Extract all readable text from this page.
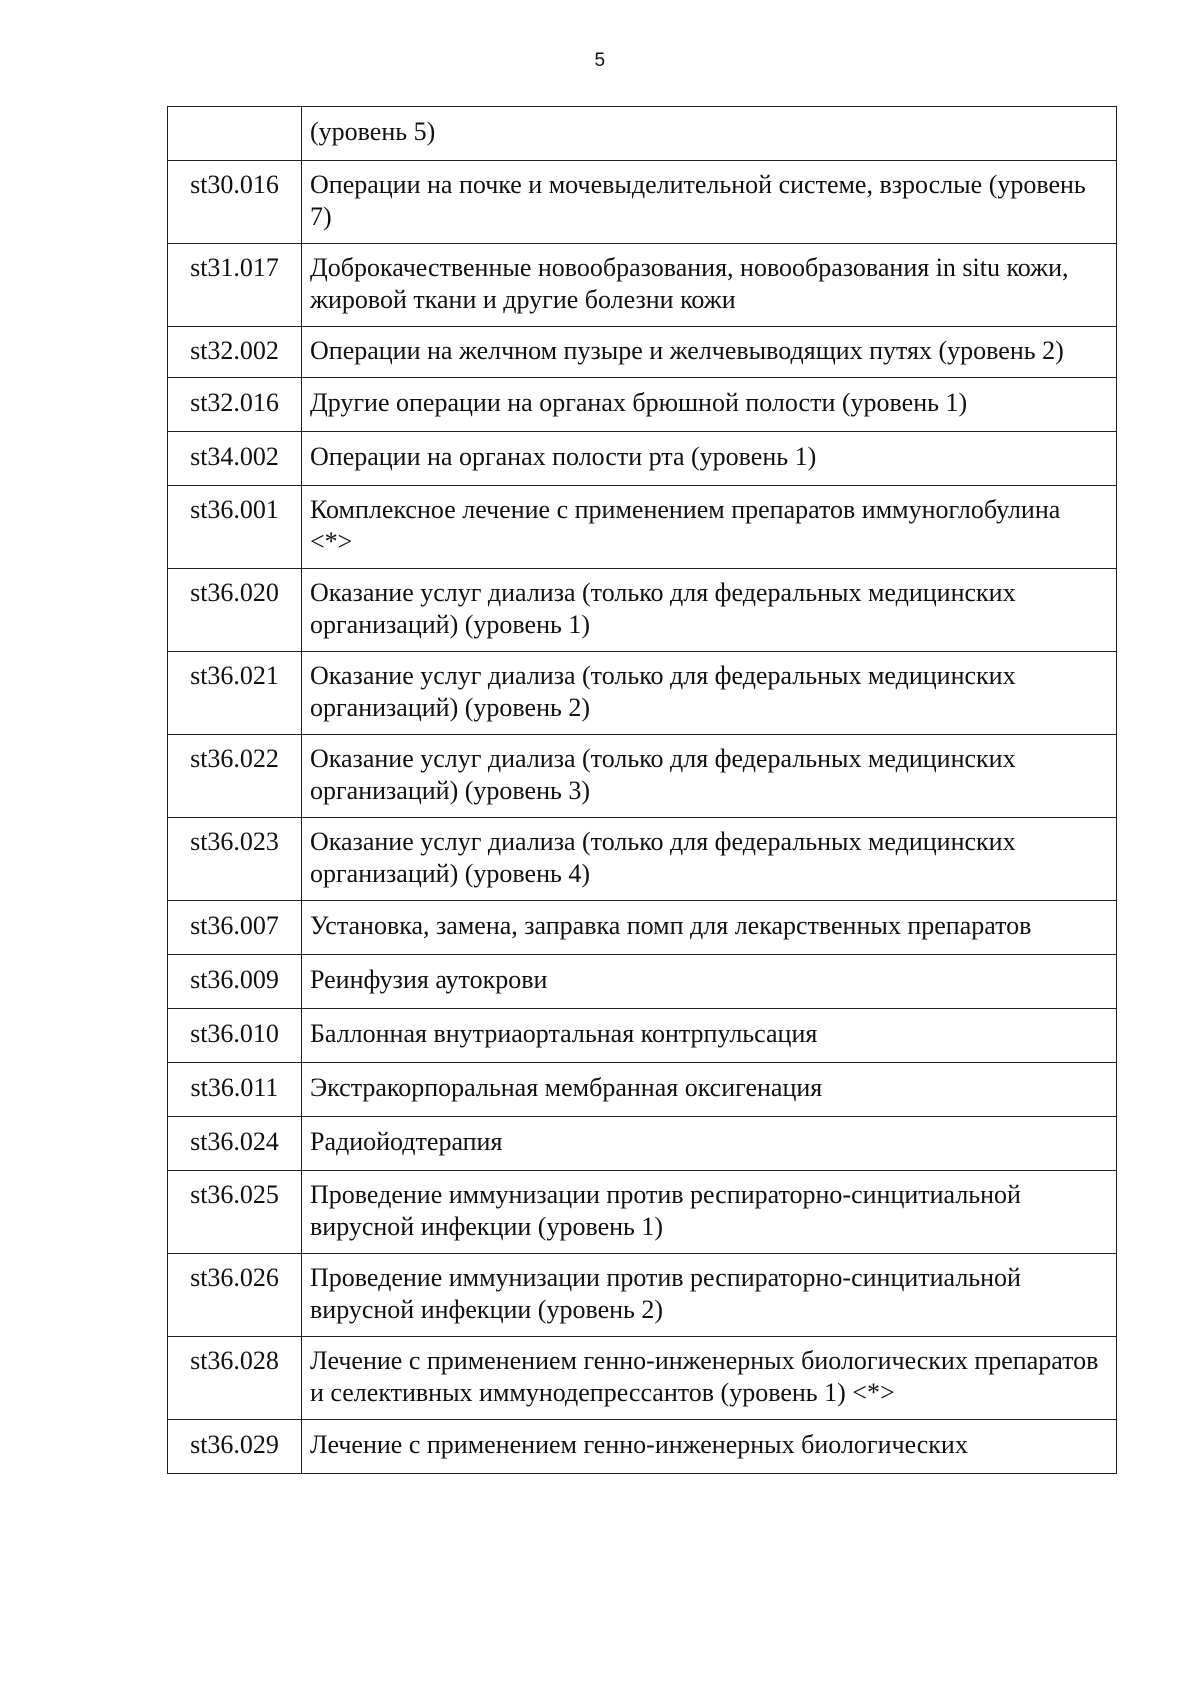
5
	(уровень 5)
st30.016	Операции на почке и мочевыделительной системе, взрослые (уровень 7)
st31.017	Доброкачественные новообразования, новообразования in situ кожи, жировой ткани и другие болезни кожи
st32.002	Операции на желчном пузыре и желчевыводящих путях (уровень 2)
st32.016	Другие операции на органах брюшной полости (уровень 1)
st34.002	Операции на органах полости рта (уровень 1)
st36.001	Комплексное лечение с применением препаратов иммуноглобулина <*>
st36.020	Оказание услуг диализа (только для федеральных медицинских организаций) (уровень 1)
st36.021	Оказание услуг диализа (только для федеральных медицинских организаций) (уровень 2)
st36.022	Оказание услуг диализа (только для федеральных медицинских организаций) (уровень 3)
st36.023	Оказание услуг диализа (только для федеральных медицинских организаций) (уровень 4)
st36.007	Установка, замена, заправка помп для лекарственных препаратов
st36.009	Реинфузия аутокрови
st36.010	Баллонная внутриаортальная контрпульсация
st36.011	Экстракорпоральная мембранная оксигенация
st36.024	Радиойодтерапия
st36.025	Проведение иммунизации против респираторно-синцитиальной вирусной инфекции (уровень 1)
st36.026	Проведение иммунизации против респираторно-синцитиальной вирусной инфекции (уровень 2)
st36.028	Лечение с применением генно-инженерных биологических препаратов и селективных иммунодепрессантов (уровень 1) <*>
st36.029	Лечение с применением генно-инженерных биологических
